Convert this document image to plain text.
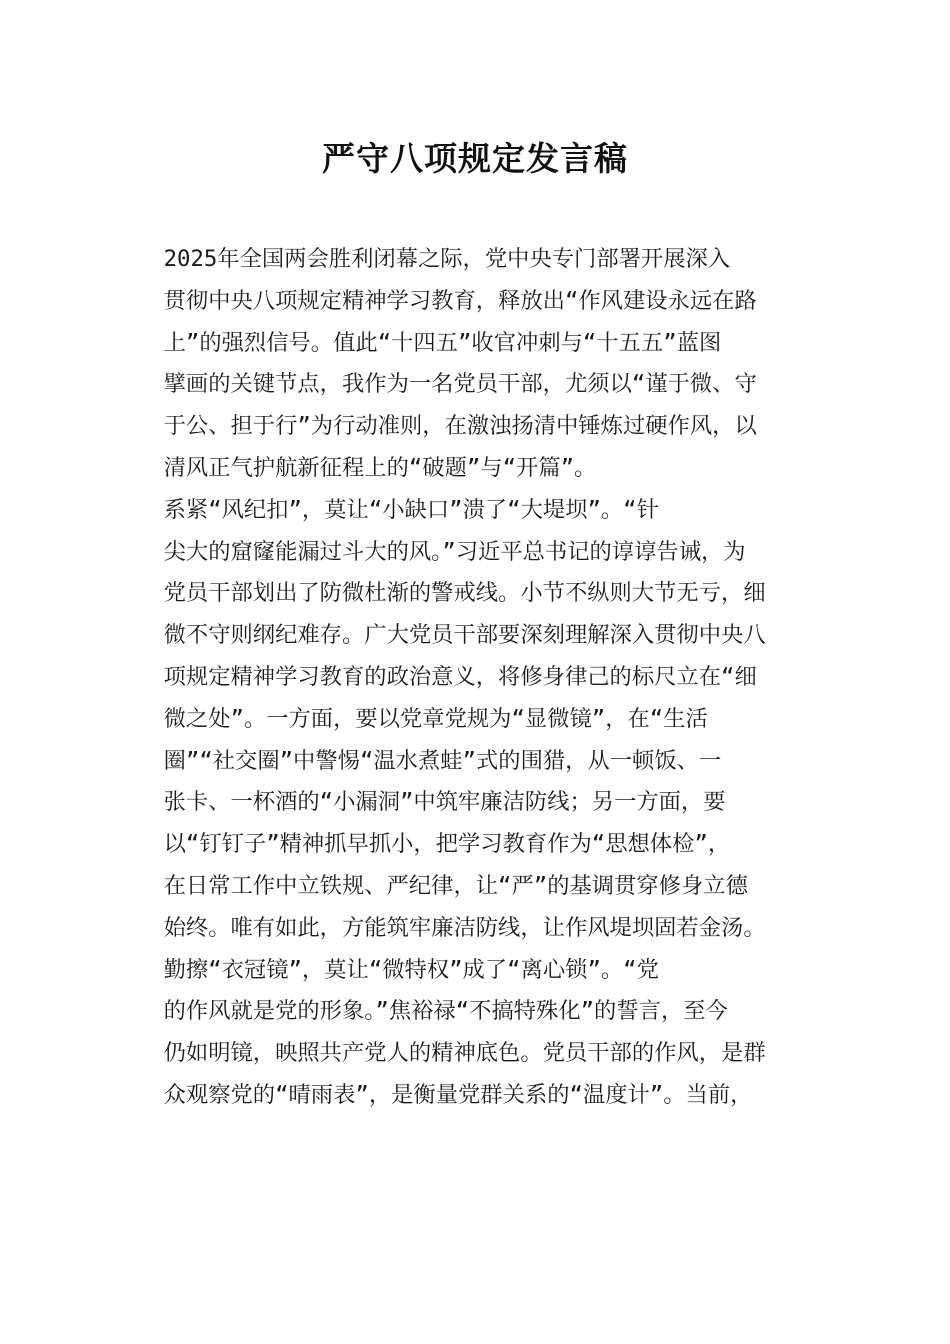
严守八项规定发言稿

2025年全国两会胜利闭幕之际，党中央专门部署开展深入
贯彻中央八项规定精神学习教育，释放出“作风建设永远在路
上”的强烈信号。值此“十四五”收官冲刺与“十五五”蓝图
擘画的关键节点，我作为一名党员干部，尤须以“谨于微、守
于公、担于行”为行动准则，在激浊扬清中锤炼过硬作风，以
清风正气护航新征程上的“破题”与“开篇”。

系紧“风纪扣”，莫让“小缺口”溃了“大堤坝”。“针
尖大的窟窿能漏过斗大的风。”习近平总书记的谆谆告诫，为
党员干部划出了防微杜渐的警戒线。小节不纵则大节无亏，细
微不守则纲纪难存。广大党员干部要深刻理解深入贯彻中央八
项规定精神学习教育的政治意义，将修身律己的标尺立在“细
微之处”。一方面，要以党章党规为“显微镜”，在“生活
圈”“社交圈”中警惕“温水煮蛙”式的围猎，从一顿饭、一
张卡、一杯酒的“小漏洞”中筑牢廉洁防线；另一方面，要
以“钉钉子”精神抓早抓小，把学习教育作为“思想体检”，
在日常工作中立铁规、严纪律，让“严”的基调贯穿修身立德
始终。唯有如此，方能筑牢廉洁防线，让作风堤坝固若金汤。

勤擦“衣冠镜”，莫让“微特权”成了“离心锁”。“党
的作风就是党的形象。”焦裕禄“不搞特殊化”的誓言，至今
仍如明镜，映照共产党人的精神底色。党员干部的作风，是群
众观察党的“晴雨表”，是衡量党群关系的“温度计”。当前，
